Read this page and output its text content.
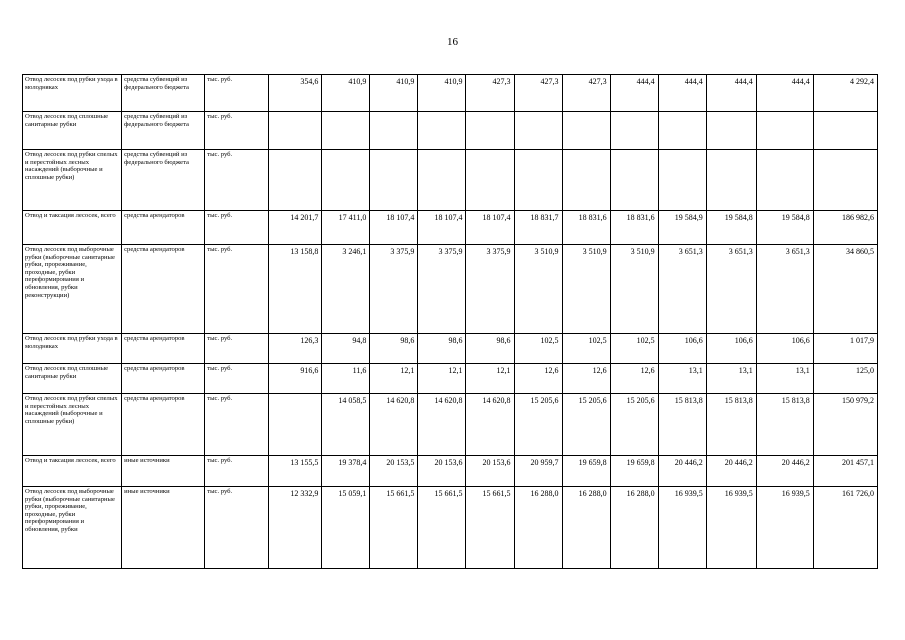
16
Отвод лесосек под рубки ухода в молодняках	средства субвенций из федерального бюджета	тыс. руб.	354,6	410,9	410,9	410,9	427,3	427,3	427,3	444,4	444,4	444,4	444,4	4 292,4
Отвод лесосек под сплошные санитарные рубки	средства субвенций из федерального бюджета	тыс. руб.												
Отвод лесосек под рубки спелых и перестойных лесных насаждений (выборочные и сплошные рубки)	средства субвенций из федерального бюджета	тыс. руб.												
Отвод и таксация лесосек, всего	средства арендаторов	тыс. руб.	14 201,7	17 411,0	18 107,4	18 107,4	18 107,4	18 831,7	18 831,6	18 831,6	19 584,9	19 584,8	19 584,8	186 982,6
Отвод лесосек под выборочные рубки (выборочные санитарные рубки, прореживание, проходные, рубки переформирования и обновления, рубки реконструкции)	средства арендаторов	тыс. руб.	13 158,8	3 246,1	3 375,9	3 375,9	3 375,9	3 510,9	3 510,9	3 510,9	3 651,3	3 651,3	3 651,3	34 860,5
Отвод лесосек под рубки ухода в молодняках	средства арендаторов	тыс. руб.	126,3	94,8	98,6	98,6	98,6	102,5	102,5	102,5	106,6	106,6	106,6	1 017,9
Отвод лесосек под сплошные санитарные рубки	средства арендаторов	тыс. руб.	916,6	11,6	12,1	12,1	12,1	12,6	12,6	12,6	13,1	13,1	13,1	125,0
Отвод лесосек под рубки спелых и перестойных лесных насаждений (выборочные и сплошные рубки)	средства арендаторов	тыс. руб.		14 058,5	14 620,8	14 620,8	14 620,8	15 205,6	15 205,6	15 205,6	15 813,8	15 813,8	15 813,8	150 979,2
Отвод и таксация лесосек, всего	иные источники	тыс. руб.	13 155,5	19 378,4	20 153,5	20 153,6	20 153,6	20 959,7	19 659,8	19 659,8	20 446,2	20 446,2	20 446,2	201 457,1
Отвод лесосек под выборочные рубки (выборочные санитарные рубки, прореживание, проходные, рубки переформирования и обновления, рубки	иные источники	тыс. руб.	12 332,9	15 059,1	15 661,5	15 661,5	15 661,5	16 288,0	16 288,0	16 288,0	16 939,5	16 939,5	16 939,5	161 726,0
